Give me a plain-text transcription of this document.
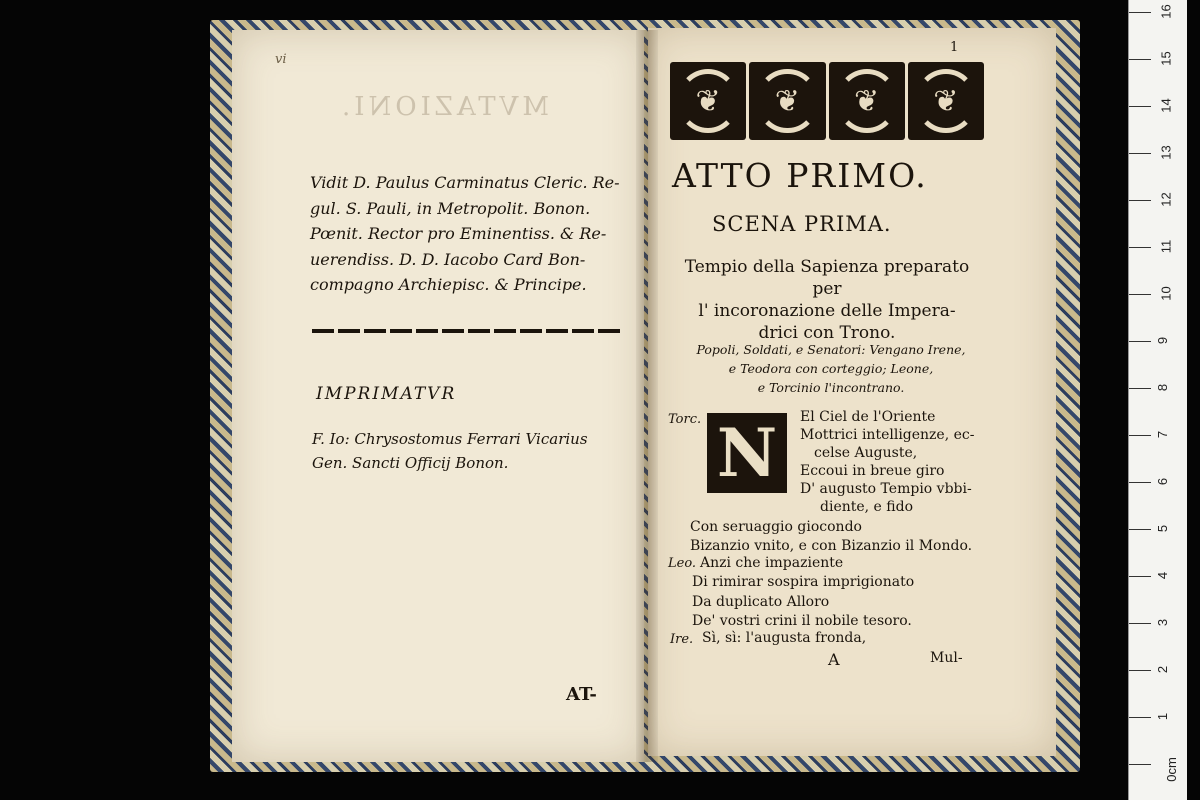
MVTAZIONI.
vi
Vidit D. Paulus Carminatus Cleric. Re-
gul. S. Pauli, in Metropolit. Bonon.
Pœnit. Rector pro Eminentiss. & Re-
uerendiss. D. D. Iacobo Card Bon-
compagno Archiepisc. & Principe.
IMPRIMATVR
F. Io: Chrysostomus Ferrari Vicarius
Gen. Sancti Officij Bonon.
AT-
1
❦
❦
❦
❦
ATTO PRIMO.
SCENA PRIMA.
Tempio della Sapienza preparato per
l' incoronazione delle Impera-
drici con Trono.
Popoli, Soldati, e Senatori: Vengano Irene,
e Teodora con corteggio; Leone,
e Torcinio l'incontrano.
Torc. N	El Ciel de l'Oriente
Mottrici intelligenze, ec-
celse Auguste,
Eccoui in breue giro
D' augusto Tempio vbbi-
diente, e fido
Con seruaggio giocondo
Bizanzio vnito, e con Bizanzio il Mondo.
Leo. Anzi che impaziente
Di rimirar sospira imprigionato
Da duplicato Alloro
De' vostri crini il nobile tesoro.
Ire. Sì, sì: l'augusta fronda,
A	Mul-
0cm
1
2
3
4
5
6
7
8
9
10
11
12
13
14
15
16
